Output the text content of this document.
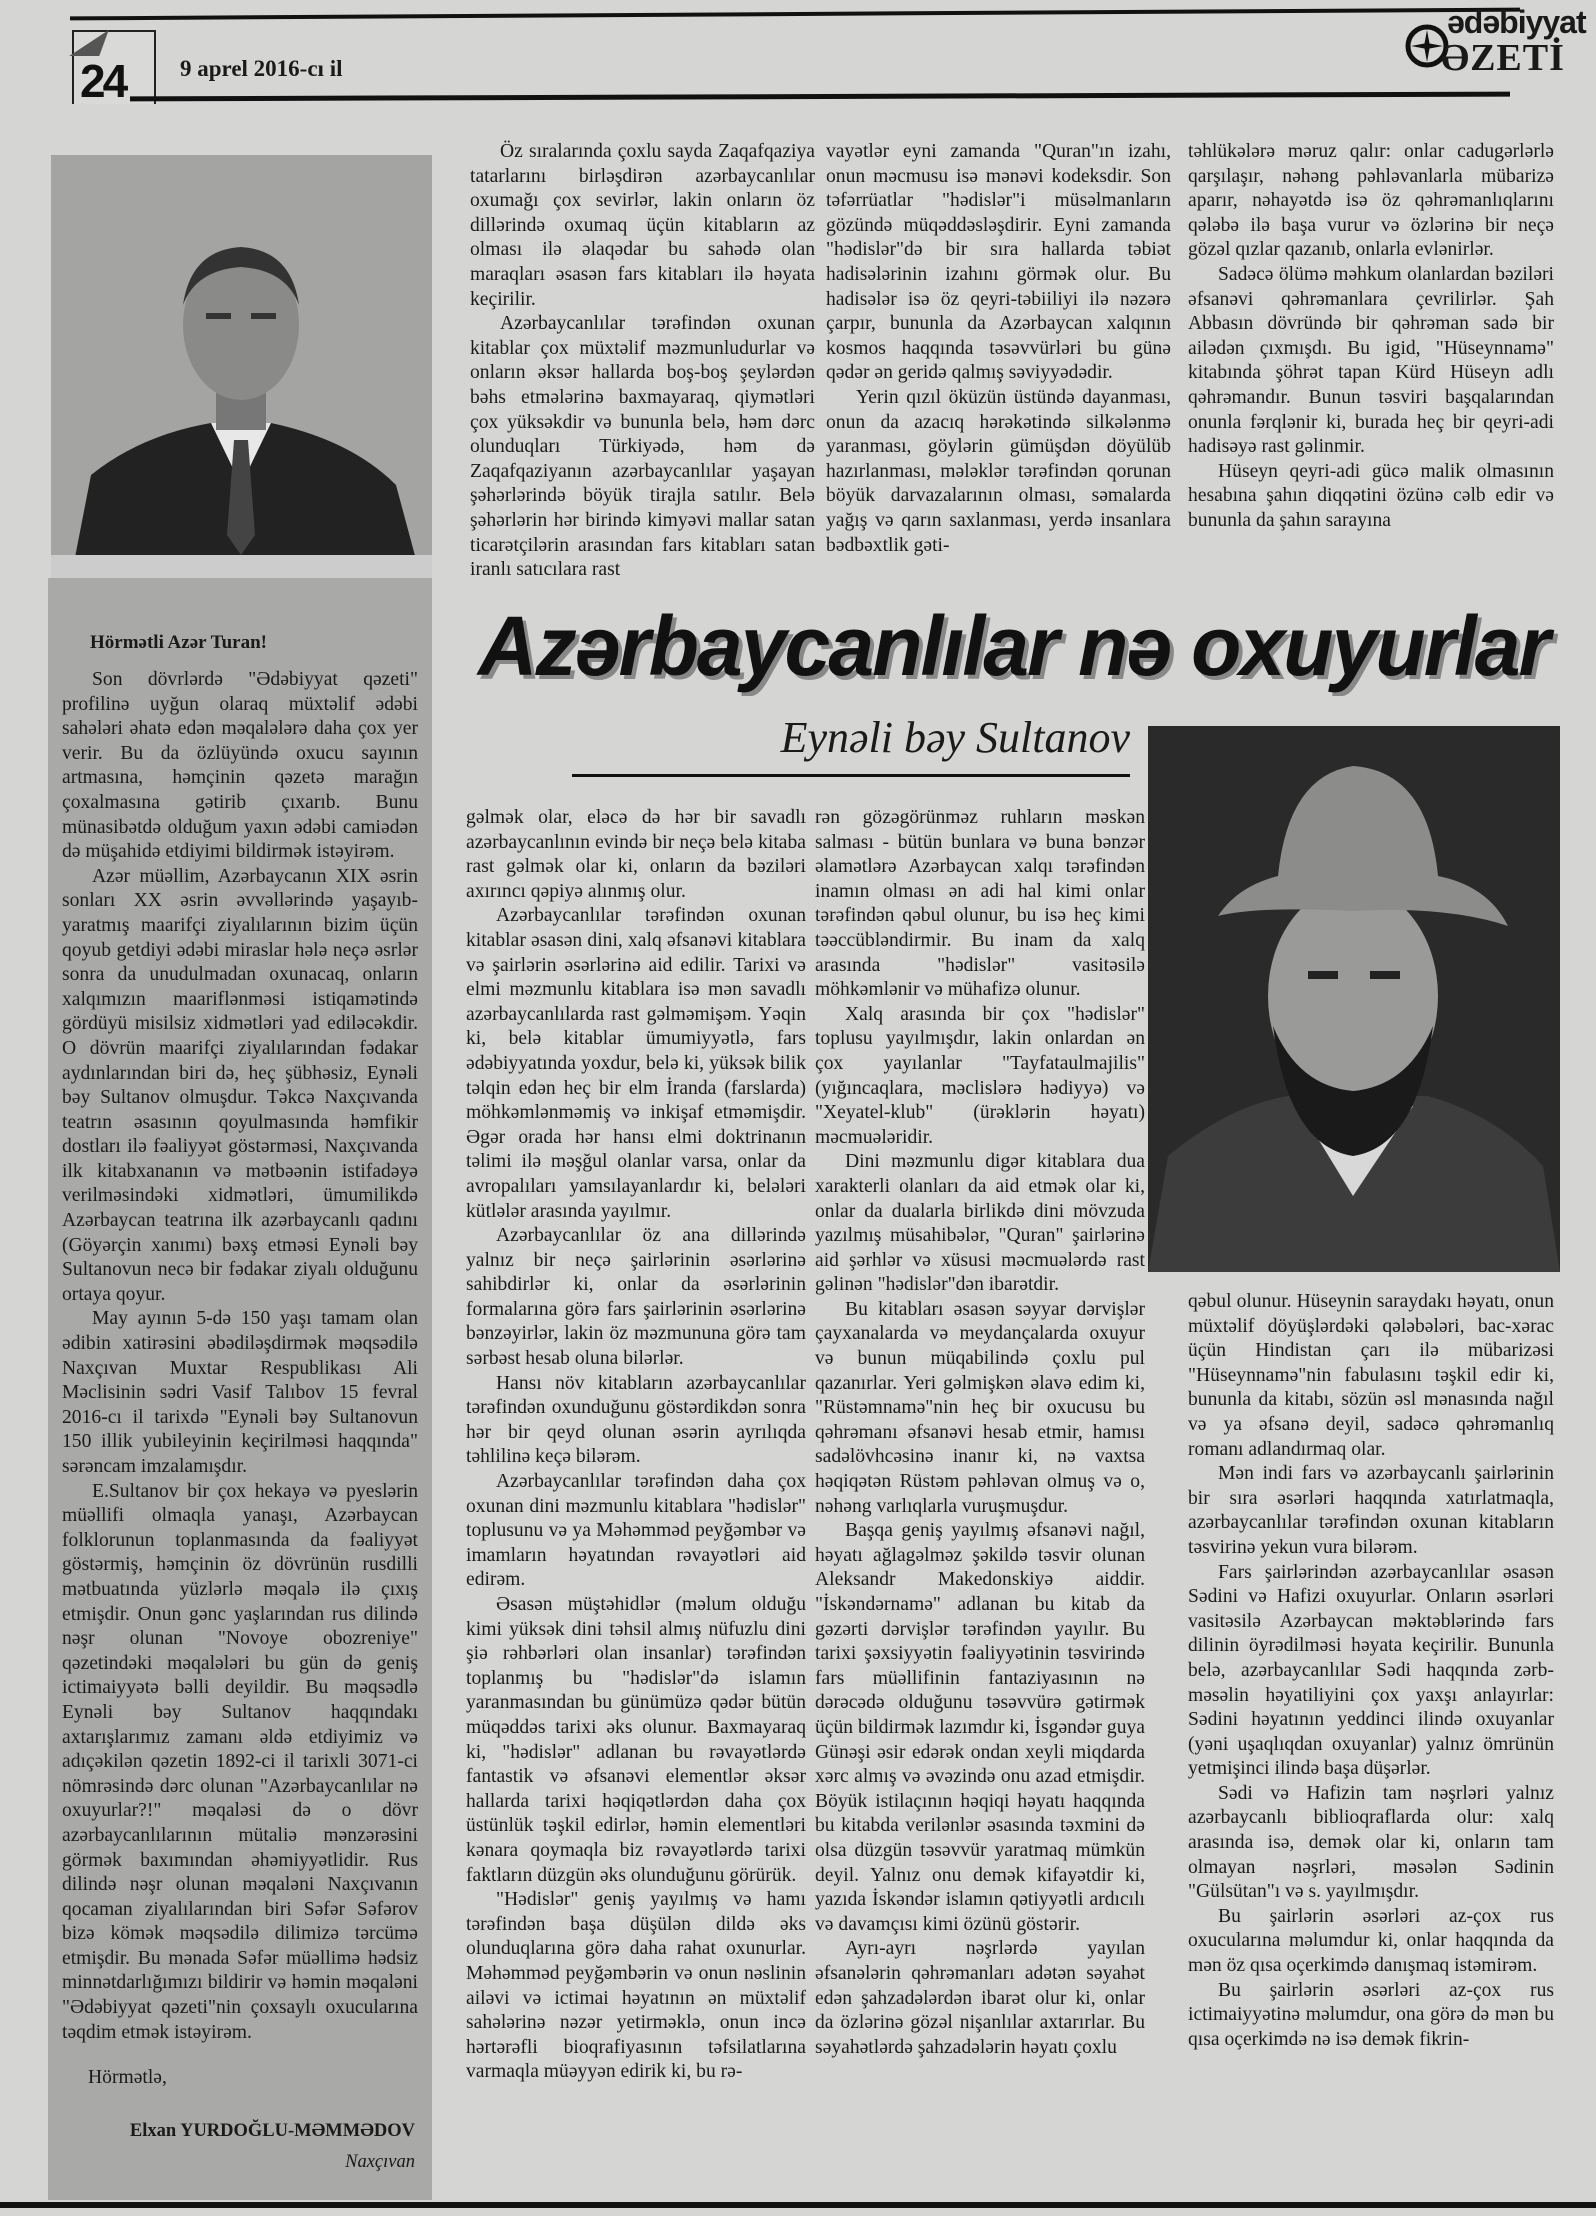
24 9 aprel 2016-cı il
ədəbiyyat
ƏZETİ
Hörmətli Azər Turan!

Son dövrlərdə "Ədəbiyyat qəzeti" profilinə uyğun olaraq müxtəlif ədəbi sahələri əhatə edən məqalələrə daha çox yer verir. Bu da özlüyündə oxucu sayının artmasına, həmçinin qəzetə marağın çoxalmasına gətirib çıxarıb. Bunu münasibətdə olduğum yaxın ədəbi camiədən də müşahidə etdiyimi bildirmək istəyirəm.

Azər müəllim, Azərbaycanın XIX əsrin sonları XX əsrin əvvəllərində yaşayıb-yaratmış maarifçi ziyalılarının bizim üçün qoyub getdiyi ədəbi miraslar hələ neçə əsrlər sonra da unudulmadan oxunacaq, onların xalqımızın maariflənməsi istiqamətində gördüyü misilsiz xidmətləri yad ediləcəkdir. O dövrün maarifçi ziyalılarından fədakar aydınlarından biri də, heç şübhəsiz, Eynəli bəy Sultanov olmuşdur. Təkcə Naxçıvanda teatrın əsasının qoyulmasında həmfikir dostları ilə fəaliyyət göstərməsi, Naxçıvanda ilk kitabxananın və mətbəənin istifadəyə verilməsindəki xidmətləri, ümumilikdə Azərbaycan teatrına ilk azərbaycanlı qadını (Göyərçin xanımı) bəxş etməsi Eynəli bəy Sultanovun necə bir fədakar ziyalı olduğunu ortaya qoyur.

May ayının 5-də 150 yaşı tamam olan ədibin xatirəsini əbədiləşdirmək məqsədilə Naxçıvan Muxtar Respublikası Ali Məclisinin sədri Vasif Talıbov 15 fevral 2016-cı il tarixdə "Eynəli bəy Sultanovun 150 illik yubileyinin keçirilməsi haqqında" sərəncam imzalamışdır.

E.Sultanov bir çox hekayə və pyeslərin müəllifi olmaqla yanaşı, Azərbaycan folklorunun toplanmasında da fəaliyyət göstərmiş, həmçinin öz dövrünün rusdilli mətbuatında yüzlərlə məqalə ilə çıxış etmişdir. Onun gənc yaşlarından rus dilində nəşr olunan "Novoye obozreniye" qəzetindəki məqalələri bu gün də geniş ictimaiyyətə bəlli deyildir. Bu məqsədlə Eynəli bəy Sultanov haqqındakı axtarışlarımız zamanı əldə etdiyimiz və adıçəkilən qəzetin 1892-ci il tarixli 3071-ci nömrəsində dərc olunan "Azərbaycanlılar nə oxuyurlar?!" məqaləsi də o dövr azərbaycanlılarının mütaliə mənzərəsini görmək baxımından əhəmiyyətlidir. Rus dilində nəşr olunan məqaləni Naxçıvanın qocaman ziyalılarından biri Səfər Səfərov bizə kömək məqsədilə dilimizə tərcümə etmişdir. Bu mənada Səfər müəllimə hədsiz minnətdarlığımızı bildirir və həmin məqaləni "Ədəbiyyat qəzeti"nin çoxsaylı oxucularına təqdim etmək istəyirəm.

Hörmətlə,
Elxan YURDOĞLU-MƏMMƏDOV
Naxçıvan

Öz sıralarında çoxlu sayda Zaqafqaziya tatarlarını birləşdirən azərbaycanlılar oxumağı çox sevirlər, lakin onların öz dillərində oxumaq üçün kitabların az olması ilə əlaqədar bu sahədə olan maraqları əsasən fars kitabları ilə həyata keçirilir.

Azərbaycanlılar tərəfindən oxunan kitablar çox müxtəlif məzmunludurlar və onların əksər hallarda boş-boş şeylərdən bəhs etmələrinə baxmayaraq, qiymətləri çox yüksəkdir və bununla belə, həm dərc olunduqları Türkiyədə, həm də Zaqafqaziyanın azərbaycanlılar yaşayan şəhərlərində böyük tirajla satılır. Belə şəhərlərin hər birində kimyəvi mallar satan ticarətçilərin arasından fars kitabları satan iranlı satıcılara rast

vayətlər eyni zamanda "Quran"ın izahı, onun məcmusu isə mənəvi kodeksdir. Son təfərrüatlar "hədislər"i müsəlmanların gözündə müqəddəsləşdirir. Eyni zamanda "hədislər"də bir sıra hallarda təbiət hadisələrinin izahını görmək olur. Bu hadisələr isə öz qeyri-təbiiliyi ilə nəzərə çarpır, bununla da Azərbaycan xalqının kosmos haqqında təsəvvürləri bu günə qədər ən geridə qalmış səviyyədədir.

Yerin qızıl öküzün üstündə dayanması, onun da azacıq hərəkətində silkələnmə yaranması, göylərin gümüşdən döyülüb hazırlanması, mələklər tərəfindən qorunan böyük darvazalarının olması, səmalarda yağış və qarın saxlanması, yerdə insanlara bədbəxtlik gəti-

təhlükələrə məruz qalır: onlar cadugərlərlə qarşılaşır, nəhəng pəhləvanlarla mübarizə aparır, nəhayətdə isə öz qəhrəmanlıqlarını qələbə ilə başa vurur və özlərinə bir neçə gözəl qızlar qazanıb, onlarla evlənirlər.

Sadəcə ölümə məhkum olanlardan bəziləri əfsanəvi qəhrəmanlara çevrilirlər. Şah Abbasın dövründə bir qəhrəman sadə bir ailədən çıxmışdı. Bu igid, "Hüseynnamə" kitabında şöhrət tapan Kürd Hüseyn adlı qəhrəmandır. Bunun təsviri başqalarından onunla fərqlənir ki, burada heç bir qeyri-adi hadisəyə rast gəlinmir.

Hüseyn qeyri-adi gücə malik olmasının hesabına şahın diqqətini özünə cəlb edir və bununla da şahın sarayına

Azərbaycanlılar nə oxuyurlar
Eynəli bəy Sultanov

gəlmək olar, eləcə də hər bir savadlı azərbaycanlının evində bir neçə belə kitaba rast gəlmək olar ki, onların da bəziləri axırıncı qəpiyə alınmış olur.

Azərbaycanlılar tərəfindən oxunan kitablar əsasən dini, xalq əfsanəvi kitablara və şairlərin əsərlərinə aid edilir. Tarixi və elmi məzmunlu kitablara isə mən savadlı azərbaycanlılarda rast gəlməmişəm. Yəqin ki, belə kitablar ümumiyyətlə, fars ədəbiyyatında yoxdur, belə ki, yüksək bilik təlqin edən heç bir elm İranda (farslarda) möhkəmlənməmiş və inkişaf etməmişdir. Əgər orada hər hansı elmi doktrinanın təlimi ilə məşğul olanlar varsa, onlar da avropalıları yamsılayanlardır ki, belələri kütlələr arasında yayılmır.

Azərbaycanlılar öz ana dillərində yalnız bir neçə şairlərinin əsərlərinə sahibdirlər ki, onlar da əsərlərinin formalarına görə fars şairlərinin əsərlərinə bənzəyirlər, lakin öz məzmununa görə tam sərbəst hesab oluna bilərlər.

Hansı növ kitabların azərbaycanlılar tərəfindən oxunduğunu göstərdikdən sonra hər bir qeyd olunan əsərin ayrılıqda təhlilinə keçə bilərəm.

Azərbaycanlılar tərəfindən daha çox oxunan dini məzmunlu kitablara "hədislər" toplusunu və ya Məhəmməd peyğəmbər və imamların həyatından rəvayətləri aid edirəm.

Əsasən müştəhidlər (məlum olduğu kimi yüksək dini təhsil almış nüfuzlu dini şiə rəhbərləri olan insanlar) tərəfindən toplanmış bu "hədislər"də islamın yaranmasından bu günümüzə qədər bütün müqəddəs tarixi əks olunur. Baxmayaraq ki, "hədislər" adlanan bu rəvayətlərdə fantastik və əfsanəvi elementlər əksər hallarda tarixi həqiqətlərdən daha çox üstünlük təşkil edirlər, həmin elementləri kənara qoymaqla biz rəvayətlərdə tarixi faktların düzgün əks olunduğunu görürük.

"Hədislər" geniş yayılmış və hamı tərəfindən başa düşülən dildə əks olunduqlarına görə daha rahat oxunurlar. Məhəmməd peyğəmbərin və onun nəslinin ailəvi və ictimai həyatının ən müxtəlif sahələrinə nəzər yetirməklə, onun incə hərtərəfli bioqrafiyasının təfsilatlarına varmaqla müəyyən edirik ki, bu rə-

rən gözəgörünməz ruhların məskən salması - bütün bunlara və buna bənzər əlamətlərə Azərbaycan xalqı tərəfindən inamın olması ən adi hal kimi onlar tərəfindən qəbul olunur, bu isə heç kimi təəccübləndirmir. Bu inam da xalq arasında "hədislər" vasitəsilə möhkəmlənir və mühafizə olunur.

Xalq arasında bir çox "hədislər" toplusu yayılmışdır, lakin onlardan ən çox yayılanlar "Tayfataulmajilis" (yığıncaqlara, məclislərə hədiyyə) və "Xeyatel-klub" (ürəklərin həyatı) məcmuələridir.

Dini məzmunlu digər kitablara dua xarakterli olanları da aid etmək olar ki, onlar da dualarla birlikdə dini mövzuda yazılmış müsahibələr, "Quran" şairlərinə aid şərhlər və xüsusi məcmuələrdə rast gəlinən "hədislər"dən ibarətdir.

Bu kitabları əsasən səyyar dərvişlər çayxanalarda və meydançalarda oxuyur və bunun müqabilində çoxlu pul qazanırlar. Yeri gəlmişkən əlavə edim ki, "Rüstəmnamə"nin heç bir oxucusu bu qəhrəmanı əfsanəvi hesab etmir, hamısı sadəlövhcəsinə inanır ki, nə vaxtsa həqiqətən Rüstəm pəhləvan olmuş və o, nəhəng varlıqlarla vuruşmuşdur.

Başqa geniş yayılmış əfsanəvi nağıl, həyatı ağlagəlməz şəkildə təsvir olunan Aleksandr Makedonskiyə aiddir. "İskəndərnamə" adlanan bu kitab da gəzərti dərvişlər tərəfindən yayılır. Bu tarixi şəxsiyyətin fəaliyyətinin təsvirində fars müəllifinin fantaziyasının nə dərəcədə olduğunu təsəvvürə gətirmək üçün bildirmək lazımdır ki, İsgəndər guya Günəşi əsir edərək ondan xeyli miqdarda xərc almış və əvəzində onu azad etmişdir. Böyük istilaçının həqiqi həyatı haqqında bu kitabda verilənlər əsasında təxmini də olsa düzgün təsəvvür yaratmaq mümkün deyil. Yalnız onu demək kifayətdir ki, yazıda İskəndər islamın qətiyyətli ardıcılı və davamçısı kimi özünü göstərir.

Ayrı-ayrı nəşrlərdə yayılan əfsanələrin qəhrəmanları adətən səyahət edən şahzadələrdən ibarət olur ki, onlar da özlərinə gözəl nişanlılar axtarırlar. Bu səyahətlərdə şahzadələrin həyatı çoxlu

qəbul olunur. Hüseynin saraydakı həyatı, onun müxtəlif döyüşlərdəki qələbələri, bac-xərac üçün Hindistan çarı ilə mübarizəsi "Hüseynnamə"nin fabulasını təşkil edir ki, bununla da kitabı, sözün əsl mənasında nağıl və ya əfsanə deyil, sadəcə qəhrəmanlıq romanı adlandırmaq olar.

Mən indi fars və azərbaycanlı şairlərinin bir sıra əsərləri haqqında xatırlatmaqla, azərbaycanlılar tərəfindən oxunan kitabların təsvirinə yekun vura bilərəm.

Fars şairlərindən azərbaycanlılar əsasən Sədini və Hafizi oxuyurlar. Onların əsərləri vasitəsilə Azərbaycan məktəblərində fars dilinin öyrədilməsi həyata keçirilir. Bununla belə, azərbaycanlılar Sədi haqqında zərb-məsəlin həyatiliyini çox yaxşı anlayırlar: Sədini həyatının yeddinci ilində oxuyanlar (yəni uşaqlıqdan oxuyanlar) yalnız ömrünün yetmişinci ilində başa düşərlər.

Sədi və Hafizin tam nəşrləri yalnız azərbaycanlı biblioqraflarda olur: xalq arasında isə, demək olar ki, onların tam olmayan nəşrləri, məsələn Sədinin "Gülsütan"ı və s. yayılmışdır.

Bu şairlərin əsərləri az-çox rus oxucularına məlumdur ki, onlar haqqında da mən öz qısa oçerkimdə danışmaq istəmirəm.

Bu şairlərin əsərləri az-çox rus ictimaiyyətinə məlumdur, ona görə də mən bu qısa oçerkimdə nə isə demək fikrin-
